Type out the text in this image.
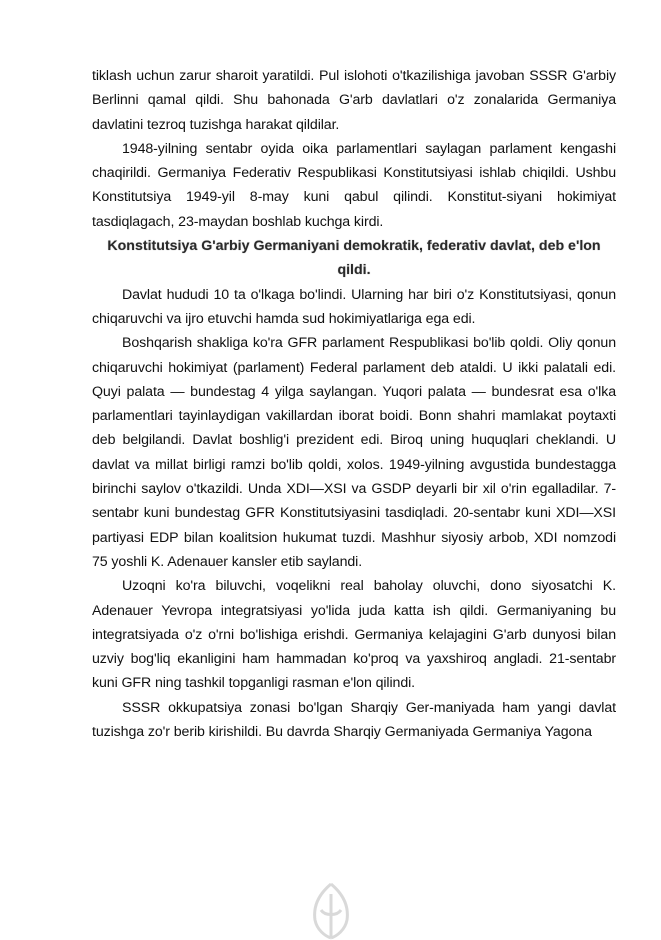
tiklash uchun zarur sharoit yaratildi. Pul islohoti o'tkazilishiga javoban SSSR G'arbiy Berlinni qamal qildi. Shu bahonada G'arb davlatlari o'z zonalarida Germaniya davlatini tezroq tuzishga harakat qildilar.

1948-yilning sentabr oyida oika parlamentlari saylagan parlament kengashi chaqirildi. Germaniya Federativ Respublikasi Konstitutsiyasi ishlab chiqildi. Ushbu Konstitutsiya 1949-yil 8-may kuni qabul qilindi. Konstitut-siyani hokimiyat tasdiqlagach, 23-maydan boshlab kuchga kirdi.

Konstitutsiya G'arbiy Germaniyani demokratik, federativ davlat, deb e'lon qildi.

Davlat hududi 10 ta o'lkaga bo'lindi. Ularning har biri o'z Konstitutsiyasi, qonun chiqaruvchi va ijro etuvchi hamda sud hokimiyatlariga ega edi.

Boshqarish shakliga ko'ra GFR parlament Respublikasi bo'lib qoldi. Oliy qonun chiqaruvchi hokimiyat (parlament) Federal parlament deb ataldi. U ikki palatali edi. Quyi palata — bundestag 4 yilga saylangan. Yuqori palata — bundesrat esa o'lka parlamentlari tayinlaydigan vakillardan iborat boidi. Bonn shahri mamlakat poytaxti deb belgilandi. Davlat boshlig'i prezident edi. Biroq uning huquqlari cheklandi. U davlat va millat birligi ramzi bo'lib qoldi, xolos. 1949-yilning avgustida bundestagga birinchi saylov o'tkazildi. Unda XDI—XSI va GSDP deyarli bir xil o'rin egalladilar. 7-sentabr kuni bundestag GFR Konstitutsiyasini tasdiqladi. 20-sentabr kuni XDI—XSI partiyasi EDP bilan koalitsion hukumat tuzdi. Mashhur siyosiy arbob, XDI nomzodi 75 yoshli K. Adenauer kansler etib saylandi.

Uzoqni ko'ra biluvchi, voqelikni real baholay oluvchi, dono siyosatchi K. Adenauer Yevropa integratsiyasi yo'lida juda katta ish qildi. Germaniyaning bu integratsiyada o'z o'rni bo'lishiga erishdi. Germaniya kelajagini G'arb dunyosi bilan uzviy bog'liq ekanligini ham hammadan ko'proq va yaxshiroq angladi. 21-sentabr kuni GFR ning tashkil topganligi rasman e'lon qilindi.

SSSR okkupatsiya zonasi bo'lgan Sharqiy Ger-maniyada ham yangi davlat tuzishga zo'r berib kirishildi. Bu davrda Sharqiy Germaniyada Germaniya Yagona
